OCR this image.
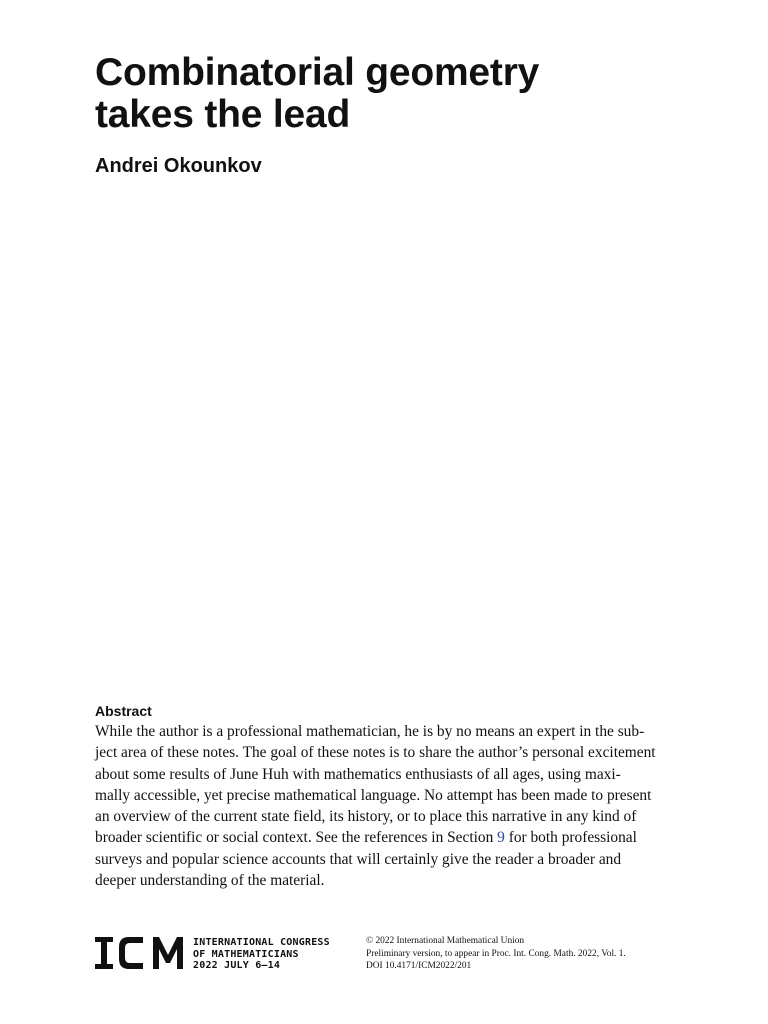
Combinatorial geometry
takes the lead

Andrei Okounkov

Abstract
While the author is a professional mathematician, he is by no means an expert in the sub-
ject area of these notes. The goal of these notes is to share the author’s personal excitement
about some results of June Huh with mathematics enthusiasts of all ages, using maxi-
mally accessible, yet precise mathematical language. No attempt has been made to present
an overview of the current state field, its history, or to place this narrative in any kind of
broader scientific or social context. See the references in Section 9 for both professional
surveys and popular science accounts that will certainly give the reader a broader and
deeper understanding of the material.
INTERNATIONAL CONGRESS
OF MATHEMATICIANS
2022 JULY 6–14
© 2022 International Mathematical Union
Preliminary version, to appear in Proc. Int. Cong. Math. 2022, Vol. 1.
DOI 10.4171/ICM2022/201
